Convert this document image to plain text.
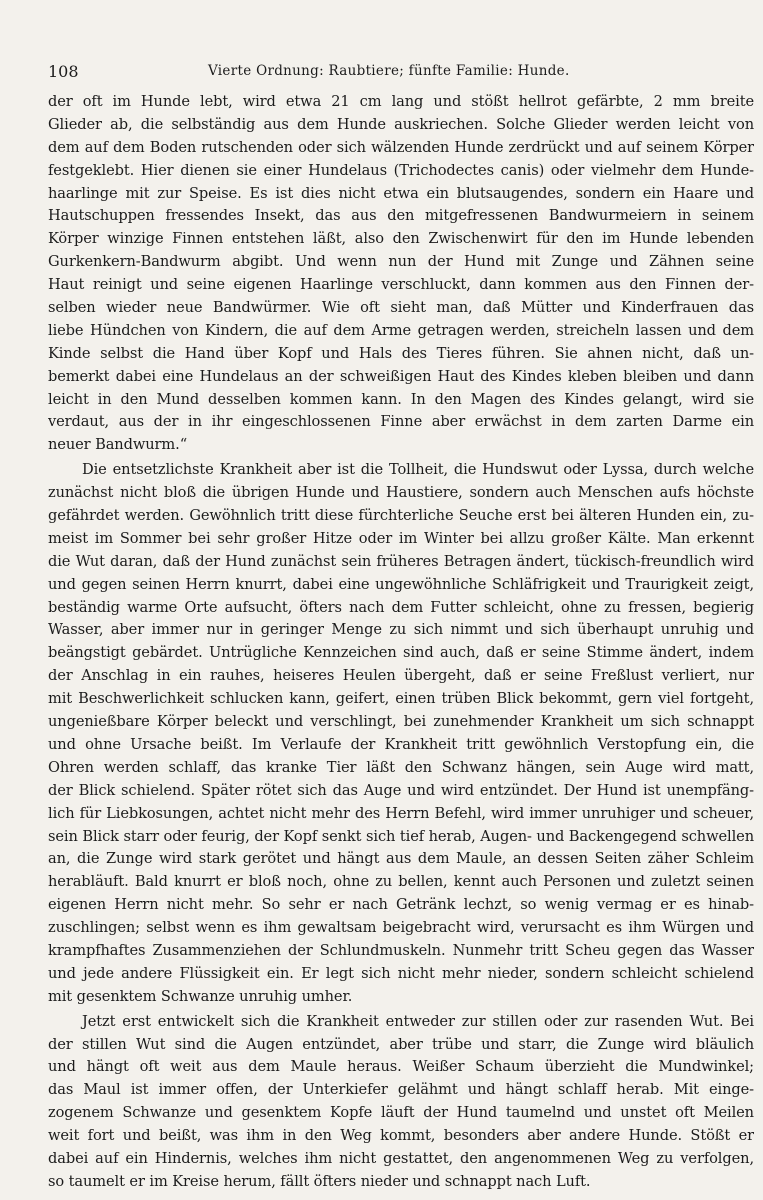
108	Vierte Ordnung: Raubtiere; fünfte Familie: Hunde.
der oft im Hunde lebt, wird etwa 21 cm lang und stößt hellrot gefärbte, 2 mm breite
Glieder ab, die selbständig aus dem Hunde auskriechen. Solche Glieder werden leicht von
dem auf dem Boden rutschenden oder sich wälzenden Hunde zerdrückt und auf seinem Körper
festgeklebt. Hier dienen sie einer Hundelaus (Trichodectes canis) oder vielmehr dem Hunde-
haarlinge mit zur Speise. Es ist dies nicht etwa ein blutsaugendes, sondern ein Haare und
Hautschuppen fressendes Insekt, das aus den mitgefressenen Bandwurmeiern in seinem
Körper winzige Finnen entstehen läßt, also den Zwischenwirt für den im Hunde lebenden
Gurkenkern-Bandwurm abgibt. Und wenn nun der Hund mit Zunge und Zähnen seine
Haut reinigt und seine eigenen Haarlinge verschluckt, dann kommen aus den Finnen der-
selben wieder neue Bandwürmer. Wie oft sieht man, daß Mütter und Kinderfrauen das
liebe Hündchen von Kindern, die auf dem Arme getragen werden, streicheln lassen und dem
Kinde selbst die Hand über Kopf und Hals des Tieres führen. Sie ahnen nicht, daß un-
bemerkt dabei eine Hundelaus an der schweißigen Haut des Kindes kleben bleiben und dann
leicht in den Mund desselben kommen kann. In den Magen des Kindes gelangt, wird sie
verdaut, aus der in ihr eingeschlossenen Finne aber erwächst in dem zarten Darme ein
neuer Bandwurm.“
Die entsetzlichste Krankheit aber ist die Tollheit, die Hundswut oder Lyssa, durch welche
zunächst nicht bloß die übrigen Hunde und Haustiere, sondern auch Menschen aufs höchste
gefährdet werden. Gewöhnlich tritt diese fürchterliche Seuche erst bei älteren Hunden ein, zu-
meist im Sommer bei sehr großer Hitze oder im Winter bei allzu großer Kälte. Man erkennt
die Wut daran, daß der Hund zunächst sein früheres Betragen ändert, tückisch-freundlich wird
und gegen seinen Herrn knurrt, dabei eine ungewöhnliche Schläfrigkeit und Traurigkeit zeigt,
beständig warme Orte aufsucht, öfters nach dem Futter schleicht, ohne zu fressen, begierig
Wasser, aber immer nur in geringer Menge zu sich nimmt und sich überhaupt unruhig und
beängstigt gebärdet. Untrügliche Kennzeichen sind auch, daß er seine Stimme ändert, indem
der Anschlag in ein rauhes, heiseres Heulen übergeht, daß er seine Freßlust verliert, nur
mit Beschwerlichkeit schlucken kann, geifert, einen trüben Blick bekommt, gern viel fortgeht,
ungenießbare Körper beleckt und verschlingt, bei zunehmender Krankheit um sich schnappt
und ohne Ursache beißt. Im Verlaufe der Krankheit tritt gewöhnlich Verstopfung ein, die
Ohren werden schlaff, das kranke Tier läßt den Schwanz hängen, sein Auge wird matt,
der Blick schielend. Später rötet sich das Auge und wird entzündet. Der Hund ist unempfäng-
lich für Liebkosungen, achtet nicht mehr des Herrn Befehl, wird immer unruhiger und scheuer,
sein Blick starr oder feurig, der Kopf senkt sich tief herab, Augen- und Backengegend schwellen
an, die Zunge wird stark gerötet und hängt aus dem Maule, an dessen Seiten zäher Schleim
herabläuft. Bald knurrt er bloß noch, ohne zu bellen, kennt auch Personen und zuletzt seinen
eigenen Herrn nicht mehr. So sehr er nach Getränk lechzt, so wenig vermag er es hinab-
zuschlingen; selbst wenn es ihm gewaltsam beigebracht wird, verursacht es ihm Würgen und
krampfhaftes Zusammenziehen der Schlundmuskeln. Nunmehr tritt Scheu gegen das Wasser
und jede andere Flüssigkeit ein. Er legt sich nicht mehr nieder, sondern schleicht schielend
mit gesenktem Schwanze unruhig umher.
Jetzt erst entwickelt sich die Krankheit entweder zur stillen oder zur rasenden Wut. Bei
der stillen Wut sind die Augen entzündet, aber trübe und starr, die Zunge wird bläulich
und hängt oft weit aus dem Maule heraus. Weißer Schaum überzieht die Mundwinkel;
das Maul ist immer offen, der Unterkiefer gelähmt und hängt schlaff herab. Mit einge-
zogenem Schwanze und gesenktem Kopfe läuft der Hund taumelnd und unstet oft Meilen
weit fort und beißt, was ihm in den Weg kommt, besonders aber andere Hunde. Stößt er
dabei auf ein Hindernis, welches ihm nicht gestattet, den angenommenen Weg zu verfolgen,
so taumelt er im Kreise herum, fällt öfters nieder und schnappt nach Luft.
